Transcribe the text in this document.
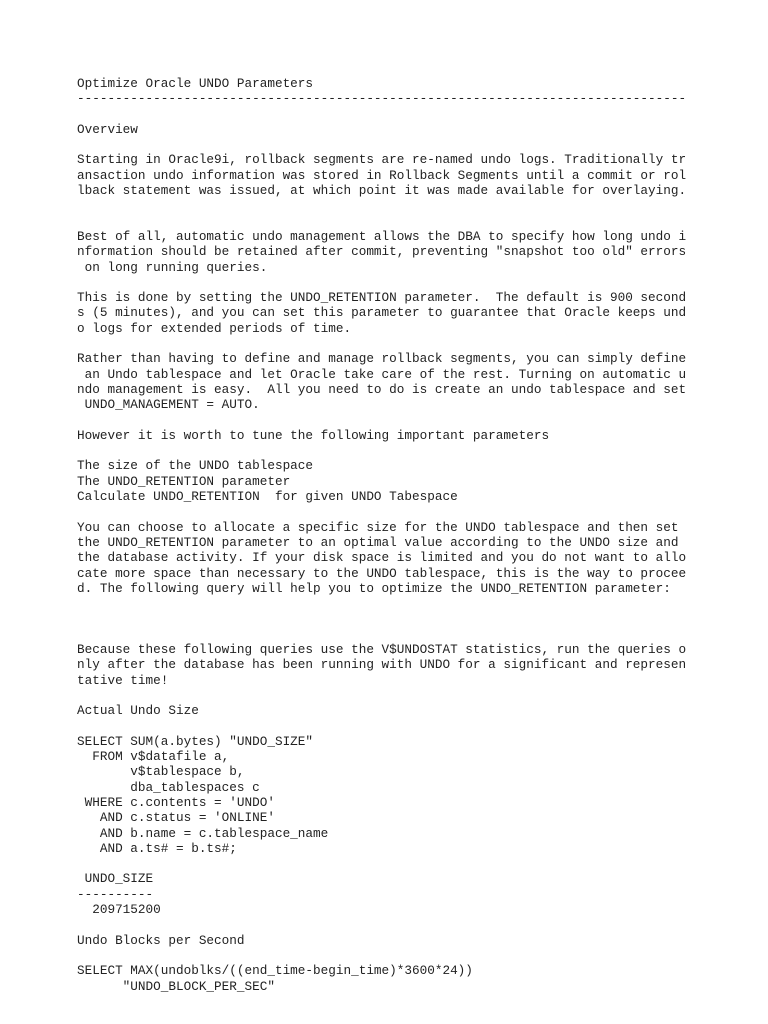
Optimize Oracle UNDO Parameters
--------------------------------------------------------------------------------
Overview
Starting in Oracle9i, rollback segments are re-named undo logs. Traditionally tr
ansaction undo information was stored in Rollback Segments until a commit or rol
lback statement was issued, at which point it was made available for overlaying.
Best of all, automatic undo management allows the DBA to specify how long undo i
nformation should be retained after commit, preventing "snapshot too old" errors
on long running queries.
This is done by setting the UNDO_RETENTION parameter.  The default is 900 second
s (5 minutes), and you can set this parameter to guarantee that Oracle keeps und
o logs for extended periods of time.
Rather than having to define and manage rollback segments, you can simply define
an Undo tablespace and let Oracle take care of the rest. Turning on automatic u
ndo management is easy.  All you need to do is create an undo tablespace and set
UNDO_MANAGEMENT = AUTO.
However it is worth to tune the following important parameters
The size of the UNDO tablespace
The UNDO_RETENTION parameter
Calculate UNDO_RETENTION  for given UNDO Tabespace
You can choose to allocate a specific size for the UNDO tablespace and then set
the UNDO_RETENTION parameter to an optimal value according to the UNDO size and
the database activity. If your disk space is limited and you do not want to allo
cate more space than necessary to the UNDO tablespace, this is the way to procee
d. The following query will help you to optimize the UNDO_RETENTION parameter:
Because these following queries use the V$UNDOSTAT statistics, run the queries o
nly after the database has been running with UNDO for a significant and represen
tative time!
Actual Undo Size
SELECT SUM(a.bytes) "UNDO_SIZE"
FROM v$datafile a,
v$tablespace b,
dba_tablespaces c
WHERE c.contents = 'UNDO'
AND c.status = 'ONLINE'
AND b.name = c.tablespace_name
AND a.ts# = b.ts#;
UNDO_SIZE
----------
209715200
Undo Blocks per Second
SELECT MAX(undoblks/((end_time-begin_time)*3600*24))
"UNDO_BLOCK_PER_SEC"
